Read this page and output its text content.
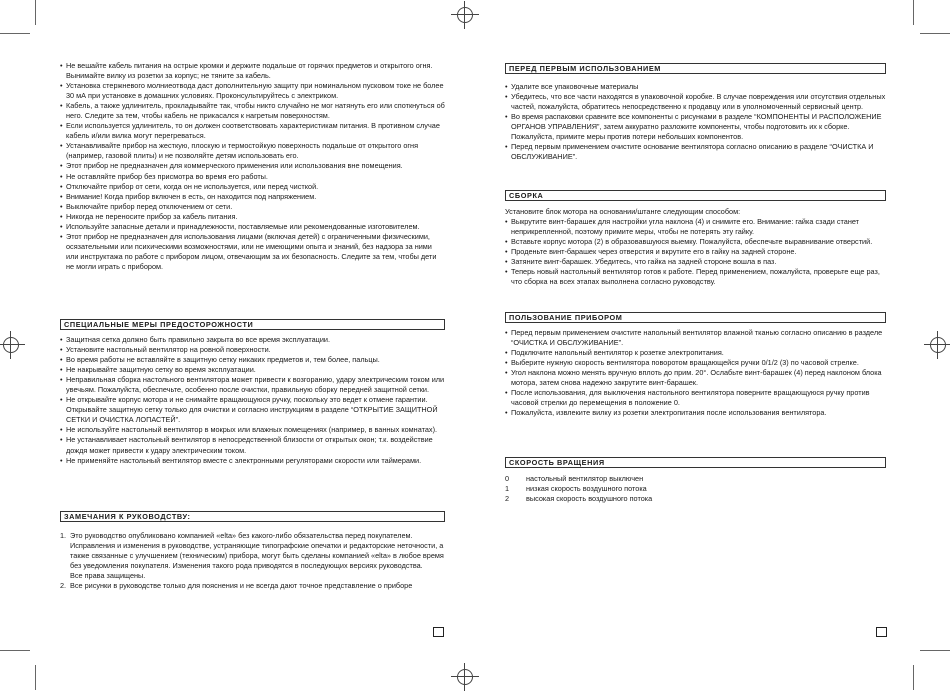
• Не вешайте кабель питания на острые кромки и держите подальше от горячих предметов и открытого огня. Вынимайте вилку из розетки за корпус; не тяните за кабель.
• Установка стержневого молниеотвода даст дополнительную защиту при номинальном пусковом токе не более 30 мА при установке в домашних условиях. Проконсультируйтесь с электриком.
• Кабель, а также удлинитель, прокладывайте так, чтобы никто случайно не мог натянуть его или споткнуться об него. Следите за тем, чтобы кабель не прикасался к нагретым поверхностям.
• Если используется удлинитель, то он должен соответствовать характеристикам питания. В противном случае кабель и/или вилка могут перегреваться.
• Устанавливайте прибор на жесткую, плоскую и термостойкую поверхность подальше от открытого огня (например, газовой плиты) и не позволяйте детям использовать его.
• Этот прибор не предназначен для коммерческого применения или использования вне помещения.
• Не оставляйте прибор без присмотра во время его работы.
• Отключайте прибор от сети, когда он не используется, или перед чисткой.
• Внимание! Когда прибор включен в есть, он находится под напряжением.
• Выключайте прибор перед отключением от сети.
• Никогда не переносите прибор за кабель питания.
• Используйте запасные детали и принадлежности, поставляемые или рекомендованные изготовителем.
• Этот прибор не предназначен для использования лицами (включая детей) с ограниченными физическими, осязательными или психическими возможностями, или не имеющими опыта и знаний, без надзора за ними или инструктажа по работе с прибором лицом, отвечающим за их безопасность. Следите за тем, чтобы дети не могли играть с прибором.
СПЕЦИАЛЬНЫЕ МЕРЫ ПРЕДОСТОРОЖНОСТИ
• Защитная сетка должно быть правильно закрыта во все время эксплуатации.
• Установите настольный вентилятор на ровной поверхности.
• Во время работы не вставляйте в защитную сетку никаких предметов и, тем более, пальцы.
• Не накрывайте защитную сетку во время эксплуатации.
• Неправильная сборка настольного вентилятора может привести к возгоранию, удару электрическим током или увечьям. Пожалуйста, обеспечьте, особенно после очистки, правильную сборку передней защитной сетки.
• Не открывайте корпус мотора и не снимайте вращающуюся ручку, поскольку это ведет к отмене гарантии. Открывайте защитную сетку только для очистки и согласно инструкциям в разделе “ОТКРЫТИЕ ЗАЩИТНОЙ СЕТКИ И ОЧИСТКА ЛОПАСТЕЙ”.
• Не используйте настольный вентилятор в мокрых или влажных помещениях (например, в ванных комнатах).
• Не устанавливает настольный вентилятор в непосредственной близости от открытых окон; т.к. воздействие дождя может привести к удару электрическим током.
• Не применяйте настольный вентилятор вместе с электронными регуляторами скорости или таймерами.
ЗАМЕЧАНИЯ К РУКОВОДСТВУ:
1. Это руководство опубликовано компанией «elta» без какого-либо обязательства перед покупателем. Исправления и изменения в руководстве, устраняющие типографские опечатки и редакторские неточности, а также связанные с улучшением (техническим) прибора, могут быть сделаны компанией «elta» в любое время без уведомления покупателя. Изменения такого рода приводятся в последующих версиях руководства.
Все права защищены.
2. Все рисунки в руководстве только для пояснения и не всегда дают точное представление о приборе
ПЕРЕД ПЕРВЫМ ИСПОЛЬЗОВАНИЕМ
• Удалите все упаковочные материалы
• Убедитесь, что все части находятся в упаковочной коробке. В случае повреждения или отсутствия отдельных частей, пожалуйста, обратитесь непосредственно к продавцу или в уполномоченный сервисный центр.
• Во время распаковки сравните все компоненты с рисунками в разделе “КОМПОНЕНТЫ И РАСПОЛОЖЕНИЕ ОРГАНОВ УПРАВЛЕНИЯ”, затем аккуратно разложите компоненты, чтобы подготовить их к сборке. Пожалуйста, примите меры против потери небольших компонентов.
• Перед первым применением очистите основание вентилятора согласно описанию в разделе “ОЧИСТКА И ОБСЛУЖИВАНИЕ”.
СБОРКА
Установите блок мотора на основании/штанге следующим способом:
• Выкрутите винт-барашек для настройки угла наклона (4) и снимите его. Внимание: гайка сзади станет неприкрепленной, поэтому примите меры, чтобы не потерять эту гайку.
• Вставьте корпус мотора (2) в образовавшуюся выемку. Пожалуйста, обеспечьте выравнивание отверстий.
• Проденьте винт-барашек через отверстия и вкрутите его в гайку на задней стороне.
• Затяните винт-барашек. Убедитесь, что гайка на задней стороне вошла в паз.
• Теперь новый настольный вентилятор готов к работе. Перед применением, пожалуйста, проверьте еще раз, что сборка на всех этапах выполнена согласно руководству.
ПОЛЬЗОВАНИЕ ПРИБОРОМ
• Перед первым применением очистите напольный вентилятор влажной тканью согласно описанию в разделе “ОЧИСТКА И ОБСЛУЖИВАНИЕ”.
• Подключите напольный вентилятор к розетке электропитания.
• Выберите нужную скорость вентилятора поворотом вращающейся ручки 0/1/2 (3) по часовой стрелке.
• Угол наклона можно менять вручную вплоть до прим. 20°. Ослабьте винт-барашек (4) перед наклоном блока мотора, затем снова надежно закрутите винт-барашек.
• После использования, для выключения настольного вентилятора поверните вращающуюся ручку против часовой стрелки до перемещения в положение 0.
• Пожалуйста, извлеките вилку из розетки электропитания после использования вентилятора.
СКОРОСТЬ ВРАЩЕНИЯ
0	настольный вентилятор выключен
1	низкая скорость воздушного потока
2	высокая скорость воздушного потока
